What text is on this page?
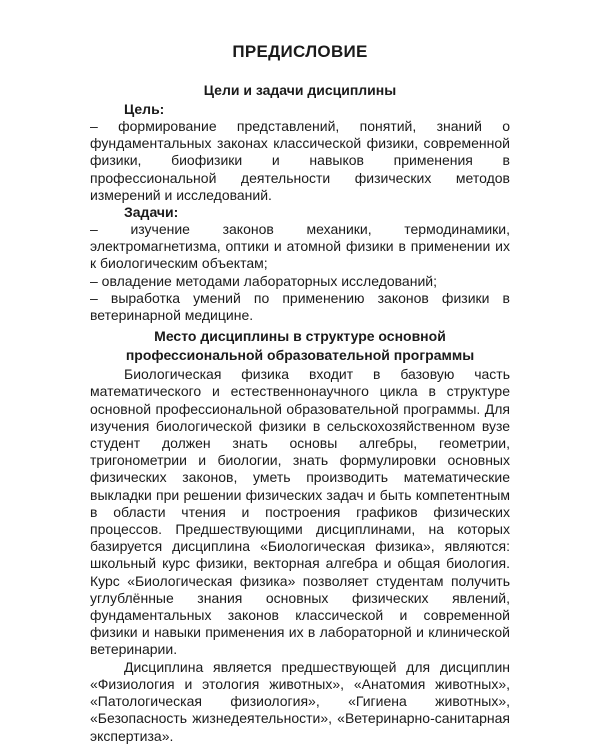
ПРЕДИСЛОВИЕ
Цели и задачи дисциплины
Цель:

– формирование представлений, понятий, знаний о фундаментальных законах классической физики, современной физики, биофизики и навыков применения в профессиональной деятельности физических методов измерений и исследований.

Задачи:

– изучение законов механики, термодинамики, электромагнетизма, оптики и атомной физики в применении их к биологическим объектам;

– овладение методами лабораторных исследований;

– выработка умений по применению законов физики в ветеринарной медицине.

Место дисциплины в структуре основной
профессиональной образовательной программы

Биологическая физика входит в базовую часть математического и естественнонаучного цикла в структуре основной профессиональной образовательной программы. Для изучения биологической физики в сельскохозяйственном вузе студент должен знать основы алгебры, геометрии, тригонометрии и биологии, знать формулировки основных физических законов, уметь производить математические выкладки при решении физических задач и быть компетентным в области чтения и построения графиков физических процессов. Предшествующими дисциплинами, на которых базируется дисциплина «Биологическая физика», являются: школьный курс физики, векторная алгебра и общая биология. Курс «Биологическая физика» позволяет студентам получить углублённые знания основных физических явлений, фундаментальных законов классической и современной физики и навыки применения их в лабораторной и клинической ветеринарии.

Дисциплина является предшествующей для дисциплин «Физиология и этология животных», «Анатомия животных», «Патологическая физиология», «Гигиена животных», «Безопасность жизнедеятельности», «Ветеринарно-санитарная экспертиза».
